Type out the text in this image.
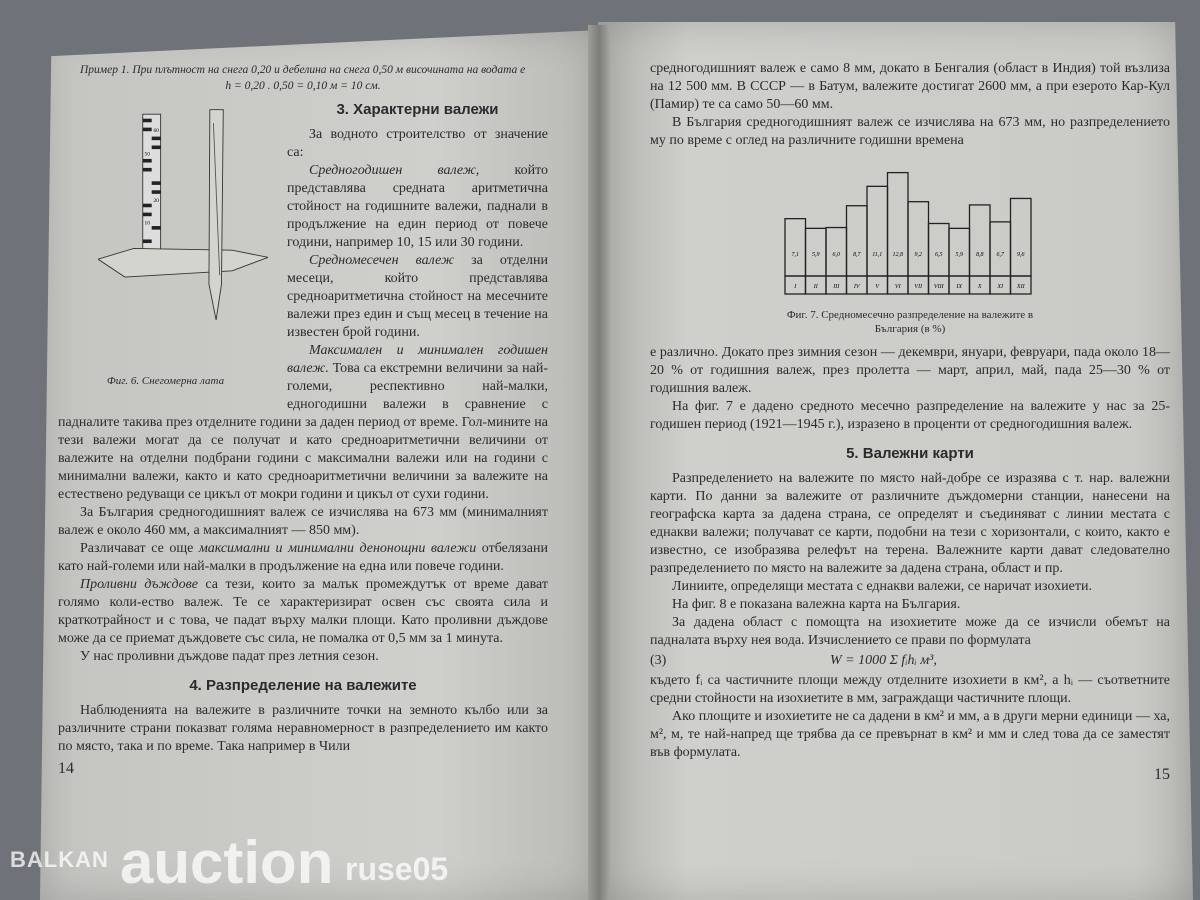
Пример 1. При плътност на снега 0,20 и дебелина на снега 0,50 м височината на водата е

h = 0,20 . 0,50 = 0,10 м = 10 см.

60
50
20
10
Фиг. 6. Снегомерна лата
3. Характерни валежи

За водното строителство от значение са:

Средногодишен валеж,	който представлява средната аритметична стойност на годишните валежи, паднали в продължение на един период от повече години, например 10, 15 или 30 години.

Средномесечен валеж за отделни месеци, който представлява средноаритметична стойност на месечните валежи през един и същ месец в течение на известен брой години.

Максимален и минимален годишен валеж. Това са екстремни величини за най-големи, респективно най-малки, едногодишни валежи в сравнение с падналите такива през отделните години за даден период от време. Гол-мините на тези валежи могат да се получат и като средноаритметични величини от валежите на отделни подбрани години с максимални валежи или на години с минимални валежи, както и като средноаритметични величини за валежите на естествено редуващи се цикъл от мокри години и цикъл от сухи години.

За България средногодишният валеж се изчислява на 673 мм (минималният валеж е около 460 мм, а максималният — 850 мм).

Различават се още максимални и минимални денонощни валежи отбелязани като най-големи или най-малки в продължение на една или повече години.

Проливни дъждове са тези, които за малък промеждутък от време дават голямо коли-ество валеж. Те се характеризират освен със своята сила и краткотрайност и с това, че падат върху малки площи. Като проливни дъждове може да се приемат дъждовете със сила, не помалка от 0,5 мм за 1 минута.

У нас проливни дъждове падат през летния сезон.

4. Разпределение на валежите

Наблюденията на валежите в различните точки на земното кълбо или за различните страни показват голяма неравномерност в разпределението им както по място, така и по време. Така например в Чили

14

средногодишният валеж е само 8 мм, докато в Бенгалия (област в Индия) той възлиза на 12 500 мм. В СССР — в Батум, валежите достигат 2600 мм, а при езерото Кар-Кул (Памир) те са само 50—60 мм.

В България средногодишният валеж се изчислява на 673 мм, но разпределението му по време с оглед на различните годишни времена

7,1
I
5,9
II
6,0
III
8,7
IV
11,1
V
12,8
VI
9,2
VII
6,5
VIII
5,9
IX
8,8
X
6,7
XI
9,6
XII
Фиг. 7. Средномесечно разпределение на валежите в България (в %)

е различно. Докато през зимния сезон — декември, януари, февруари, пада около 18—20 % от годишния валеж, през пролетта — март, април, май, пада 25—30 % от годишния валеж.

На фиг. 7 е дадено средното месечно разпределение на валежите у нас за 25-годишен период (1921—1945 г.), изразено в проценти от средногодишния валеж.

5. Валежни карти

Разпределението на валежите по място най-добре се изразява с т. нар. валежни карти. По данни за валежите от различните дъждомерни станции, нанесени на географска карта за дадена страна, се определят и съединяват с линии местата с еднакви валежи; получават се карти, подобни на тези с хоризонтали, с които, както е известно, се изобразява релефът на терена. Валежните карти дават следователно разпределението по място на валежите за дадена страна, област и пр.

Линиите, определящи местата с еднакви валежи, се наричат изохиети.

На фиг. 8 е показана валежна карта на България.

За дадена област с помощта на изохиетите може да се изчисли обемът на падналата върху нея вода. Изчислението се прави по формулата

(3)	W = 1000 Σ fᵢhᵢ м³,

където fᵢ са частичните площи между отделните изохиети в км², а hᵢ — съответните средни стойности на изохиетите в мм, заграждащи частичните площи.

Ако площите и изохиетите не са дадени в км² и мм, а в други мерни единици — ха, м², м, те най-напред ще трябва да се превърнат в км² и мм и след това да се заместят във формулата.

15
BALKAN auction ruse05
